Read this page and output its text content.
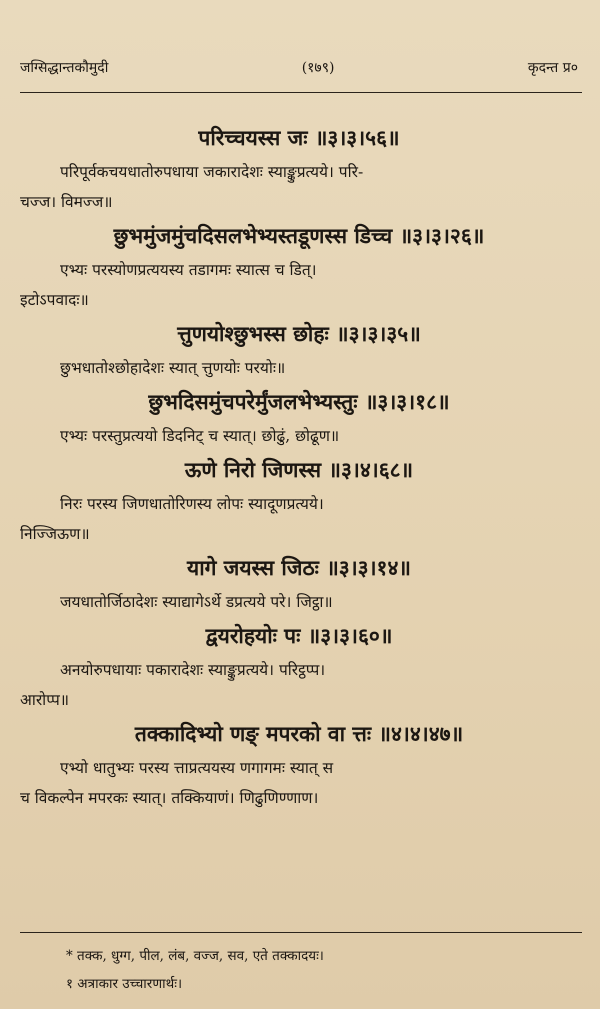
जग्सिद्धान्तकौमुदी	(१७९)	कृदन्त प्र०
परिच्चयस्स जः ॥३।३।५६॥
परिपूर्वकचयधातोरुपधाया जकारादेशः स्याङ्कुप्रत्यये। परि-
चज्ज। विमज्ज॥
छुभमुंजमुंचदिसलभेभ्यस्तडूणस्स डिच्च ॥३।३।२६॥
एभ्यः परस्योणप्रत्ययस्य तडागमः स्यात्स च डित्।
इटोऽपवादः॥
त्तुणयोश्छुभस्स छोहः ॥३।३।३५॥
छुभधातोश्छोहादेशः स्यात् त्तुणयोः परयोः॥
छुभदिसमुंचपरेर्मुंजलभेभ्यस्तुः ॥३।३।१८॥
एभ्यः परस्तुप्रत्ययो डिदनिट् च स्यात्। छोढुं, छोढूण॥
ऊणे निरो जिणस्स ॥३।४।६८॥
निरः परस्य जिणधातोरिणस्य लोपः स्यादूणप्रत्यये।
निज्जिऊण॥
यागे जयस्स जिठः ॥३।३।१४॥
जयधातोर्जिठादेशः स्याद्यागेऽर्थे डप्रत्यये परे। जिट्ठा॥
द्वयरोहयोः पः ॥३।३।६०॥
अनयोरुपधायाः पकारादेशः स्याङ्कुप्रत्यये। परिट्ठप्प।
आरोप्प॥
तक्कादिभ्यो णङ् मपरको वा त्तः ॥४।४।४७॥
एभ्यो धातुभ्यः परस्य त्ताप्रत्ययस्य णगागमः स्यात् स
च विकल्पेन मपरकः स्यात्। तक्कियाणं। णिढुणिण्णाण।
* तक्क, धुग्ग, पील, लंब, वज्ज, सव, एते तक्कादयः।
१ अत्राकार उच्चारणार्थः।
